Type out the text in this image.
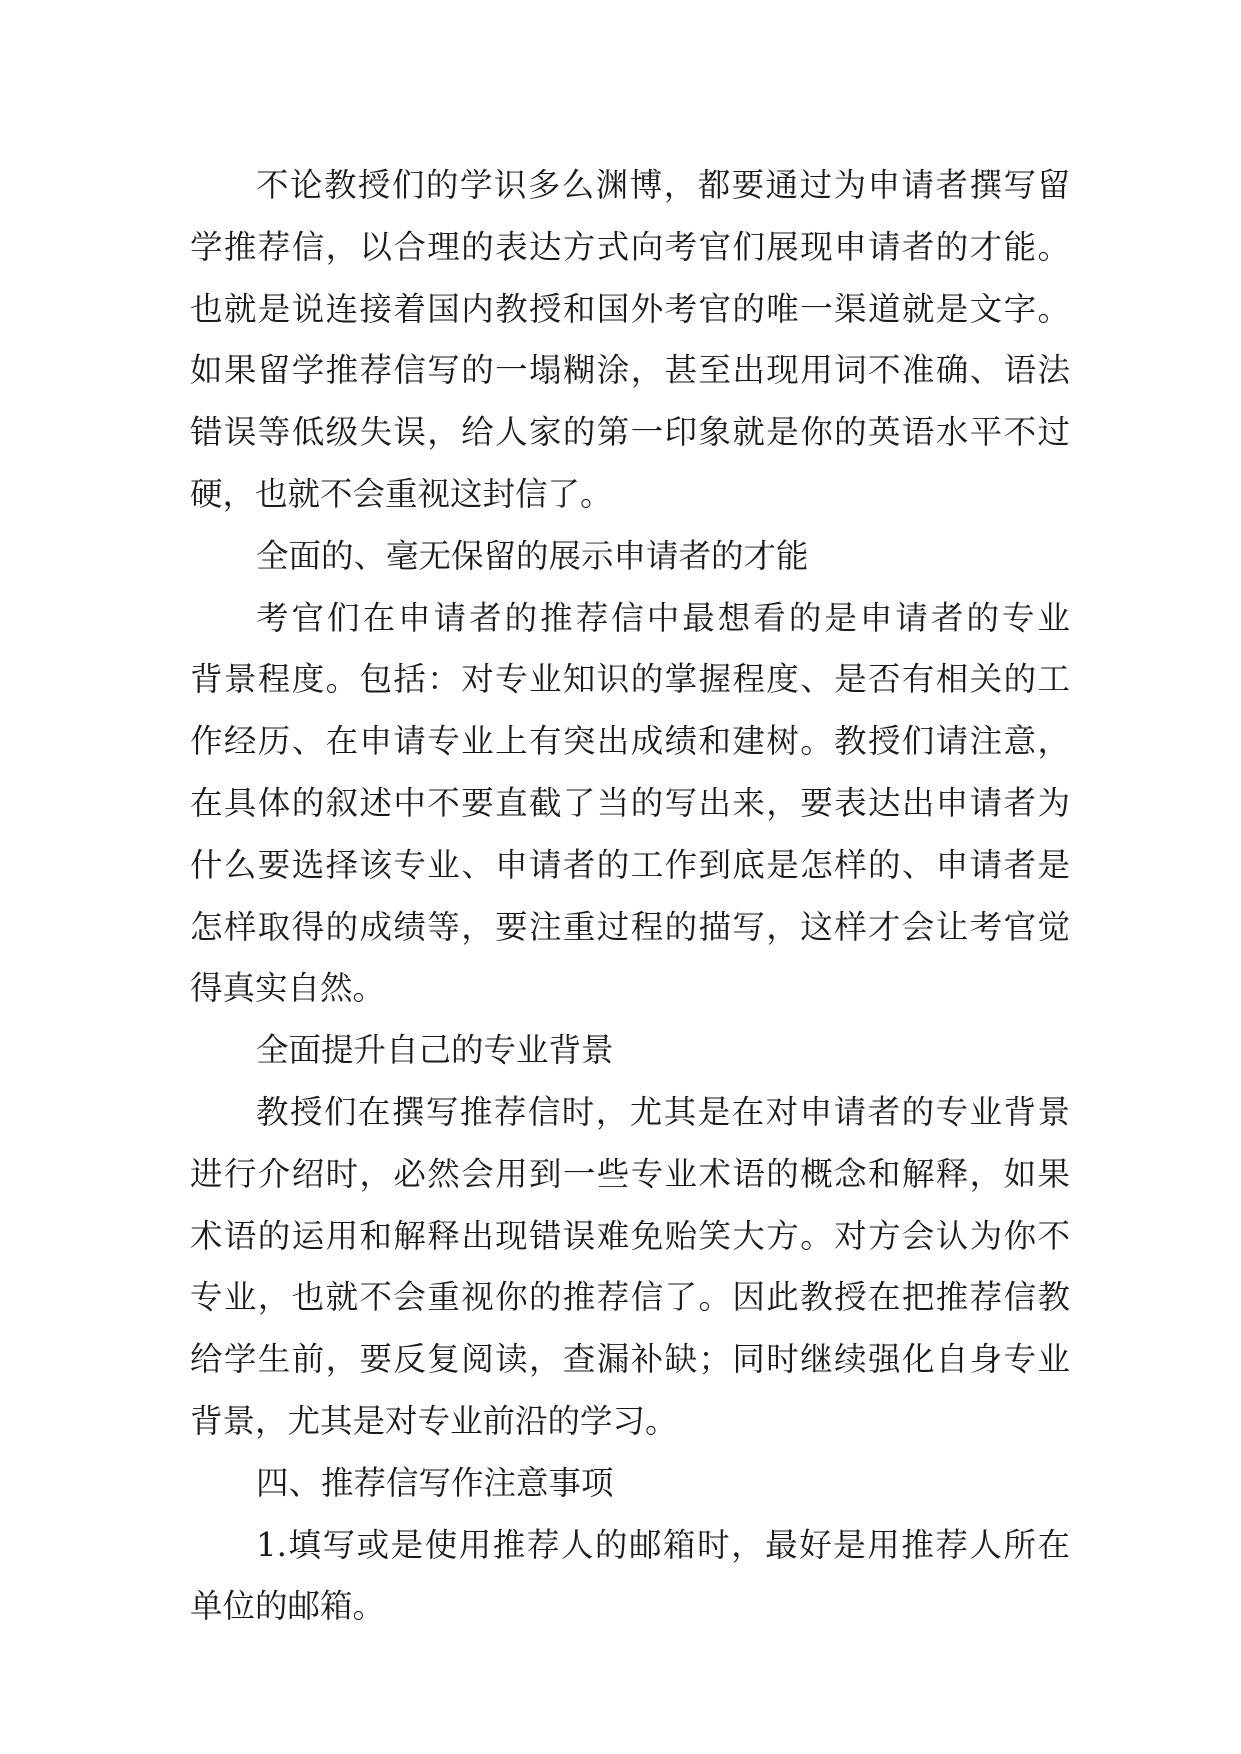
不论教授们的学识多么渊博，都要通过为申请者撰写留
学推荐信，以合理的表达方式向考官们展现申请者的才能。
也就是说连接着国内教授和国外考官的唯一渠道就是文字。
如果留学推荐信写的一塌糊涂，甚至出现用词不准确、语法
错误等低级失误，给人家的第一印象就是你的英语水平不过
硬，也就不会重视这封信了。
全面的、毫无保留的展示申请者的才能
考官们在申请者的推荐信中最想看的是申请者的专业
背景程度。包括：对专业知识的掌握程度、是否有相关的工
作经历、在申请专业上有突出成绩和建树。教授们请注意，
在具体的叙述中不要直截了当的写出来，要表达出申请者为
什么要选择该专业、申请者的工作到底是怎样的、申请者是
怎样取得的成绩等，要注重过程的描写，这样才会让考官觉
得真实自然。
全面提升自己的专业背景
教授们在撰写推荐信时，尤其是在对申请者的专业背景
进行介绍时，必然会用到一些专业术语的概念和解释，如果
术语的运用和解释出现错误难免贻笑大方。对方会认为你不
专业，也就不会重视你的推荐信了。因此教授在把推荐信教
给学生前，要反复阅读，查漏补缺；同时继续强化自身专业
背景，尤其是对专业前沿的学习。
四、推荐信写作注意事项
1.填写或是使用推荐人的邮箱时，最好是用推荐人所在
单位的邮箱。
